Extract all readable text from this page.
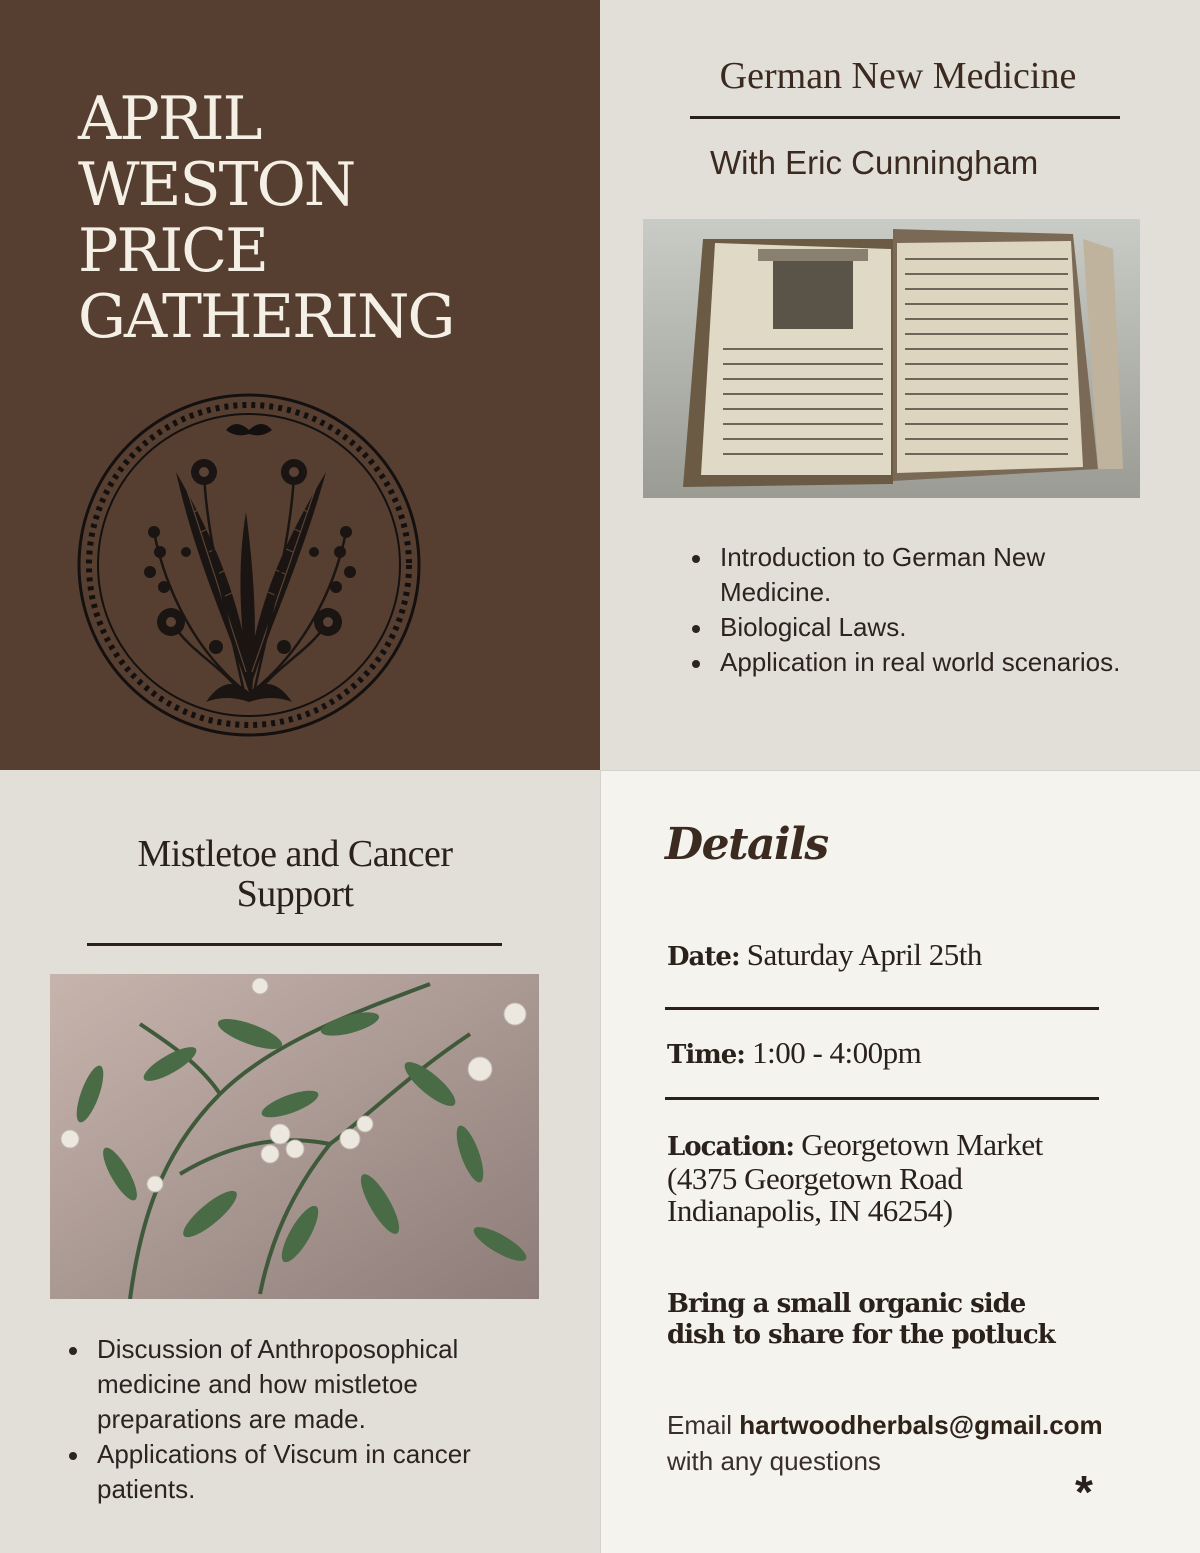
APRIL
WESTON
PRICE
GATHERING
German New Medicine
With Eric Cunningham
Introduction to German New Medicine.
Biological Laws.
Application in real world scenarios.
Mistletoe and Cancer
Support
Discussion of Anthroposophical medicine and how mistletoe preparations are made.
Applications of Viscum in cancer patients.
Details
Date: Saturday April 25th
Time: 1:00 - 4:00pm
Location: Georgetown Market
(4375 Georgetown Road
Indianapolis, IN 46254)
Bring a small organic side
dish to share for the potluck
Email hartwoodherbals@gmail.com
with any questions
*
